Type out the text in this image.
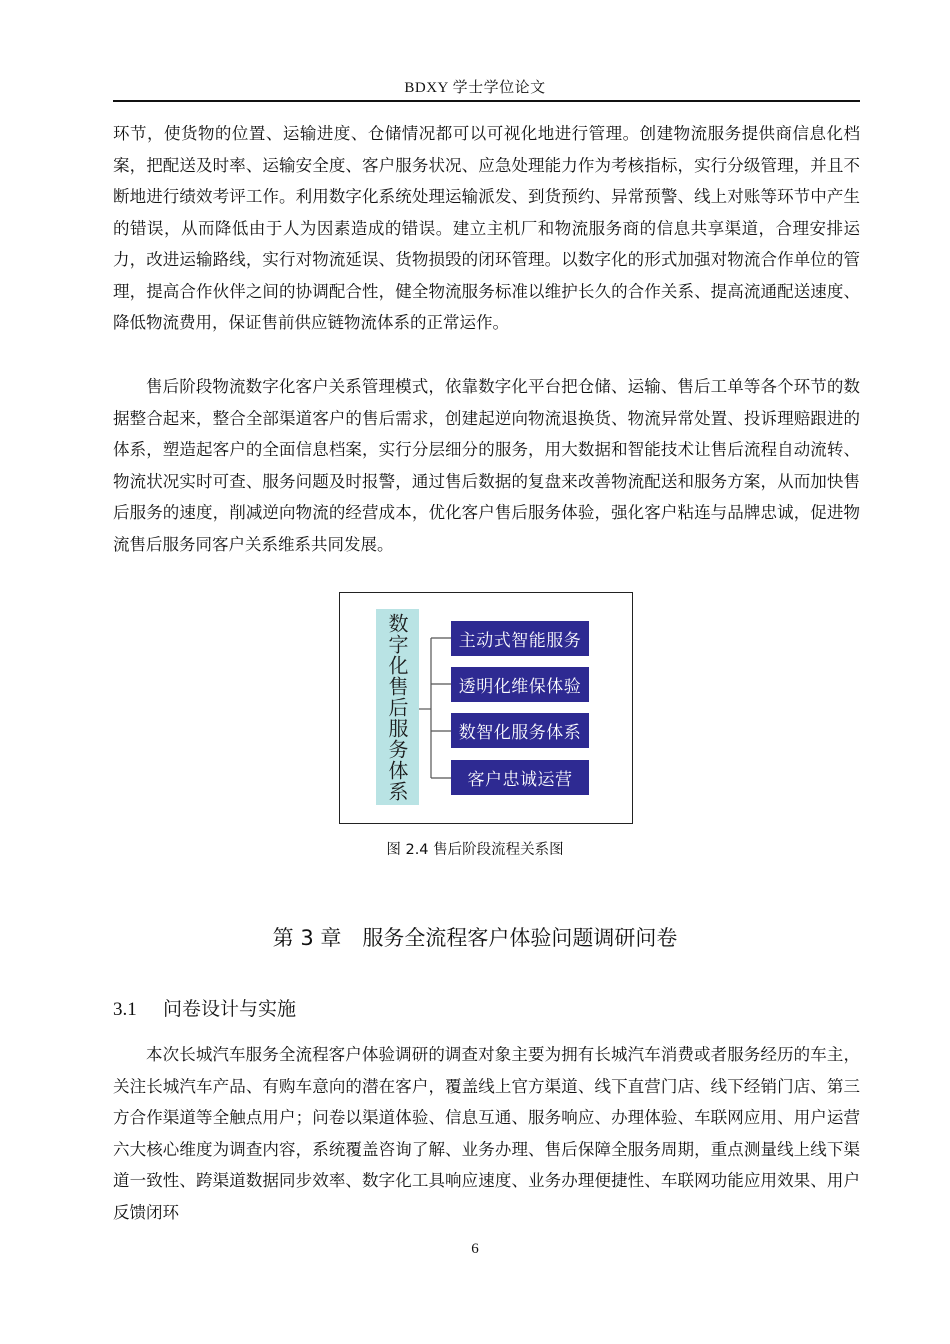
BDXY 学士学位论文

环节，使货物的位置、运输进度、仓储情况都可以可视化地进行管理。创建物流服务提供商信息化档案，把配送及时率、运输安全度、客户服务状况、应急处理能力作为考核指标，实行分级管理，并且不断地进行绩效考评工作。利用数字化系统处理运输派发、到货预约、异常预警、线上对账等环节中产生的错误，从而降低由于人为因素造成的错误。建立主机厂和物流服务商的信息共享渠道，合理安排运力，改进运输路线，实行对物流延误、货物损毁的闭环管理。以数字化的形式加强对物流合作单位的管理，提高合作伙伴之间的协调配合性，健全物流服务标准以维护长久的合作关系、提高流通配送速度、降低物流费用，保证售前供应链物流体系的正常运作。

售后阶段物流数字化客户关系管理模式，依靠数字化平台把仓储、运输、售后工单等各个环节的数据整合起来，整合全部渠道客户的售后需求，创建起逆向物流退换货、物流异常处置、投诉理赔跟进的体系，塑造起客户的全面信息档案，实行分层细分的服务，用大数据和智能技术让售后流程自动流转、物流状况实时可查、服务问题及时报警，通过售后数据的复盘来改善物流配送和服务方案，从而加快售后服务的速度，削减逆向物流的经营成本，优化客户售后服务体验，强化客户粘连与品牌忠诚，促进物流售后服务同客户关系维系共同发展。

数字化售后服务体系	主动式智能服务
透明化维保体验
数智化服务体系
客户忠诚运营
图 2.4 售后阶段流程关系图
第 3 章　服务全流程客户体验问题调研问卷
3.1 问卷设计与实施

本次长城汽车服务全流程客户体验调研的调查对象主要为拥有长城汽车消费或者服务经历的车主，关注长城汽车产品、有购车意向的潜在客户，覆盖线上官方渠道、线下直营门店、线下经销门店、第三方合作渠道等全触点用户；问卷以渠道体验、信息互通、服务响应、办理体验、车联网应用、用户运营六大核心维度为调查内容，系统覆盖咨询了解、业务办理、售后保障全服务周期，重点测量线上线下渠道一致性、跨渠道数据同步效率、数字化工具响应速度、业务办理便捷性、车联网功能应用效果、用户反馈闭环

6
